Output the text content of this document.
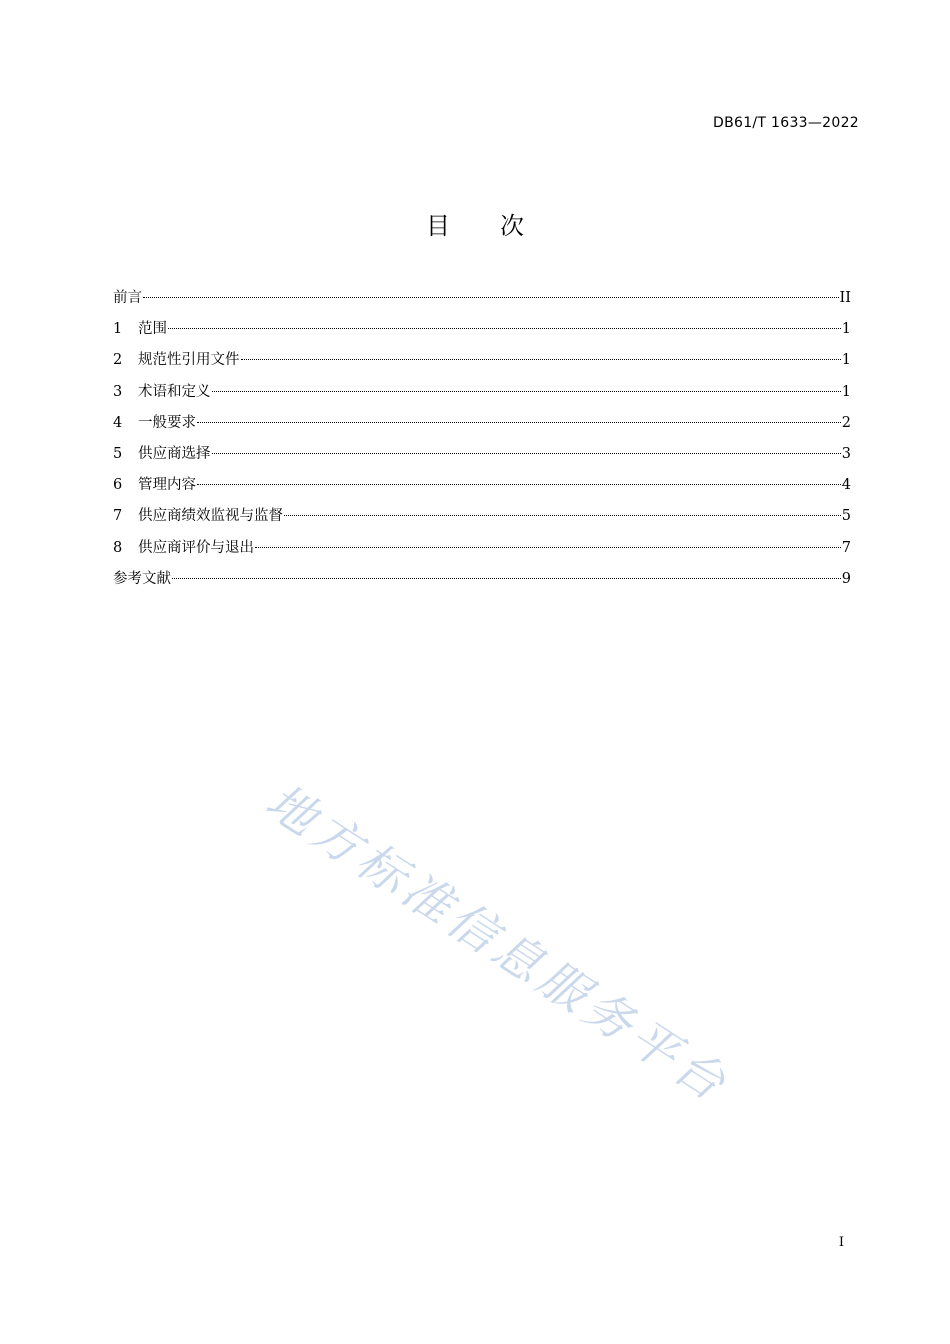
DB61/T 1633—2022
目次
前言	II
1	范围	1
2	规范性引用文件	1
3	术语和定义	1
4	一般要求	2
5	供应商选择	3
6	管理内容	4
7	供应商绩效监视与监督	5
8	供应商评价与退出	7
参考文献	9
地方标准信息服务平台
I
